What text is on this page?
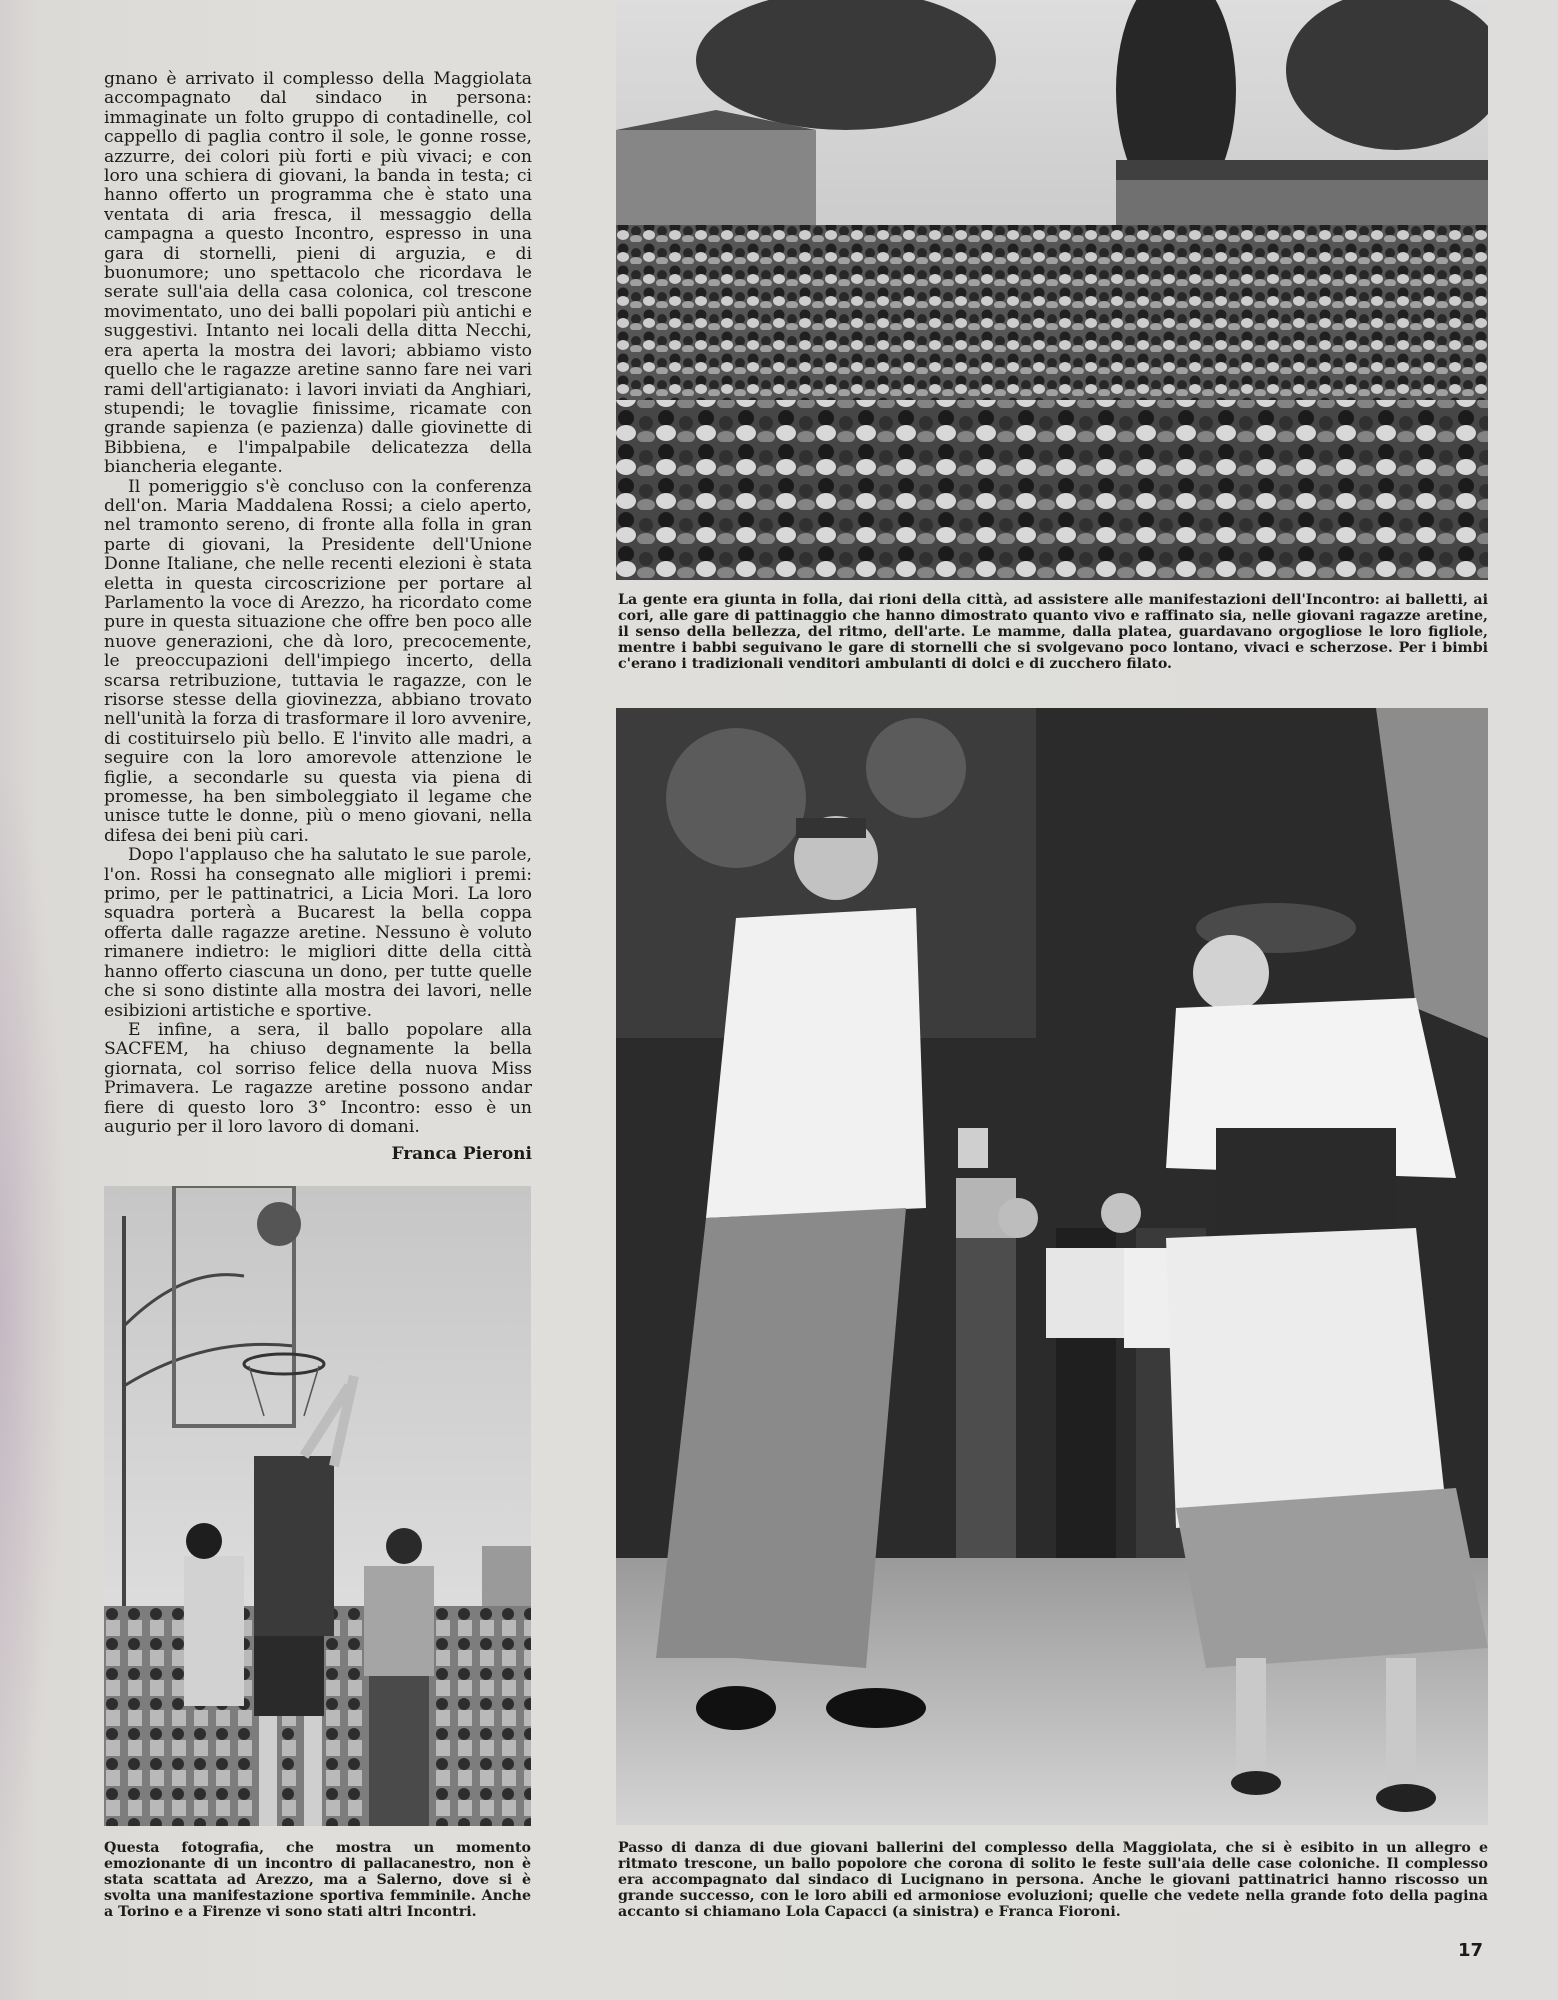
gnano è arrivato il complesso della Maggiolata accompagnato dal sindaco in persona: immaginate un folto gruppo di contadinelle, col cappello di paglia contro il sole, le gonne rosse, azzurre, dei colori più forti e più vivaci; e con loro una schiera di giovani, la banda in testa; ci hanno offerto un programma che è stato una ventata di aria fresca, il messaggio della campagna a questo Incontro, espresso in una gara di stornelli, pieni di arguzia, e di buonumore; uno spettacolo che ricordava le serate sull'aia della casa colonica, col trescone movimentato, uno dei balli popolari più antichi e suggestivi. Intanto nei locali della ditta Necchi, era aperta la mostra dei lavori; abbiamo visto quello che le ragazze aretine sanno fare nei vari rami dell'artigianato: i lavori inviati da Anghiari, stupendi; le tovaglie finissime, ricamate con grande sapienza (e pazienza) dalle giovinette di Bibbiena, e l'impalpabile delicatezza della biancheria elegante.

Il pomeriggio s'è concluso con la conferenza dell'on. Maria Maddalena Rossi; a cielo aperto, nel tramonto sereno, di fronte alla folla in gran parte di giovani, la Presidente dell'Unione Donne Italiane, che nelle recenti elezioni è stata eletta in questa circoscrizione per portare al Parlamento la voce di Arezzo, ha ricordato come pure in questa situazione che offre ben poco alle nuove generazioni, che dà loro, precocemente, le preoccupazioni dell'impiego incerto, della scarsa retribuzione, tuttavia le ragazze, con le risorse stesse della giovinezza, abbiano trovato nell'unità la forza di trasformare il loro avvenire, di costituirselo più bello. E l'invito alle madri, a seguire con la loro amorevole attenzione le figlie, a secondarle su questa via piena di promesse, ha ben simboleggiato il legame che unisce tutte le donne, più o meno giovani, nella difesa dei beni più cari.

Dopo l'applauso che ha salutato le sue parole, l'on. Rossi ha consegnato alle migliori i premi: primo, per le pattinatrici, a Licia Mori. La loro squadra porterà a Bucarest la bella coppa offerta dalle ragazze aretine. Nessuno è voluto rimanere indietro: le migliori ditte della città hanno offerto ciascuna un dono, per tutte quelle che si sono distinte alla mostra dei lavori, nelle esibizioni artistiche e sportive.

E infine, a sera, il ballo popolare alla SACFEM, ha chiuso degnamente la bella giornata, col sorriso felice della nuova Miss Primavera. Le ragazze aretine possono andar fiere di questo loro 3° Incontro: esso è un augurio per il loro lavoro di domani.

Franca Pieroni
La gente era giunta in folla, dai rioni della città, ad assistere alle manifestazioni dell'Incontro: ai balletti, ai cori, alle gare di pattinaggio che hanno dimostrato quanto vivo e raffinato sia, nelle giovani ragazze aretine, il senso della bellezza, del ritmo, dell'arte. Le mamme, dalla platea, guardavano orgogliose le loro figliole, mentre i babbi seguivano le gare di stornelli che si svolgevano poco lontano, vivaci e scherzose. Per i bimbi c'erano i tradizionali venditori ambulanti di dolci e di zucchero filato.
Passo di danza di due giovani ballerini del complesso della Maggiolata, che si è esibito in un allegro e ritmato trescone, un ballo popolore che corona di solito le feste sull'aia delle case coloniche. Il complesso era accompagnato dal sindaco di Lucignano in persona. Anche le giovani pattinatrici hanno riscosso un grande successo, con le loro abili ed armoniose evoluzioni; quelle che vedete nella grande foto della pagina accanto si chiamano Lola Capacci (a sinistra) e Franca Fioroni.
Questa fotografia, che mostra un momento emozionante di un incontro di pallacanestro, non è stata scattata ad Arezzo, ma a Salerno, dove si è svolta una manifestazione sportiva femminile. Anche a Torino e a Firenze vi sono stati altri Incontri.
17
